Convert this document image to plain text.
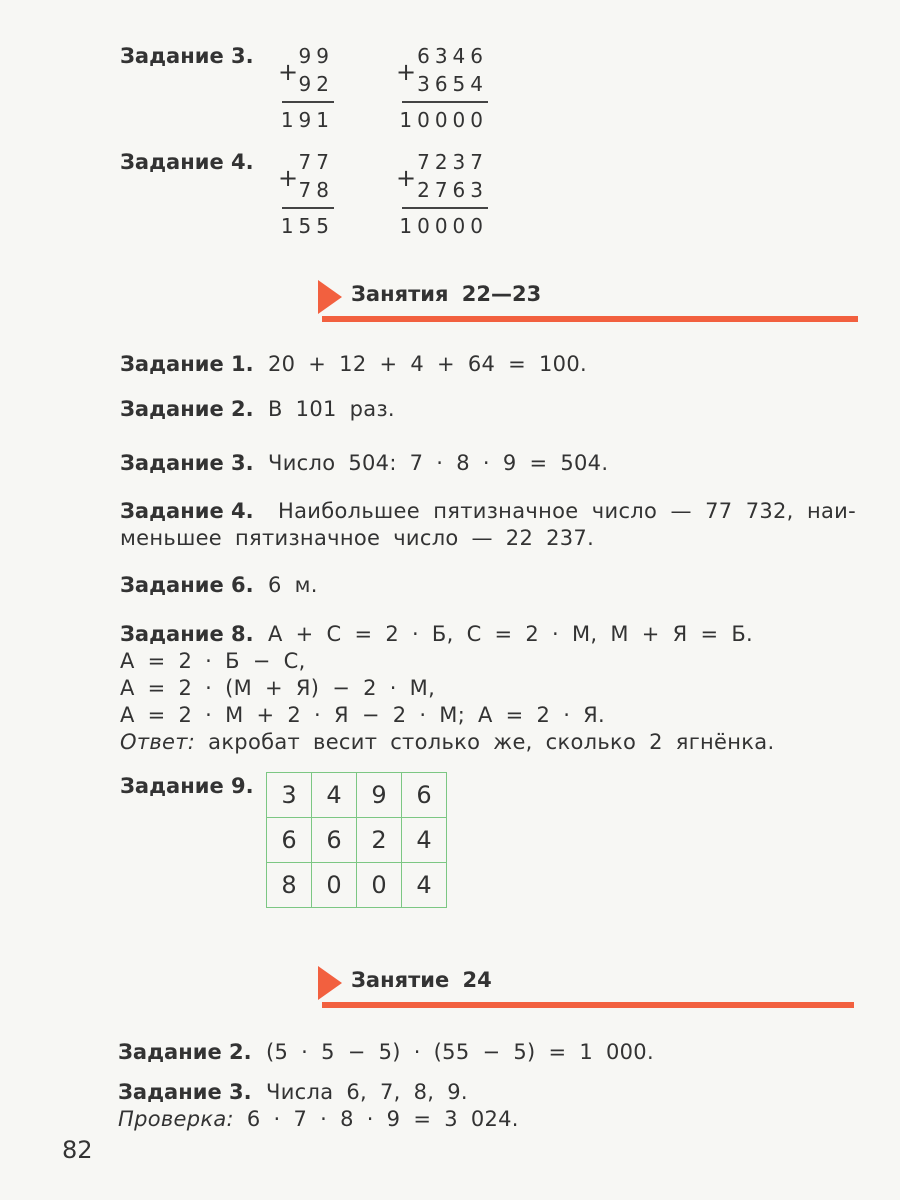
Задание 3.
+
99
92
191
+
6346
3654
10000
Задание 4.
+
77
78
155
+
7237
2763
10000
Занятия 22—23
Задание 1. 20 + 12 + 4 + 64 = 100.
Задание 2. В 101 раз.
Задание 3. Число 504: 7 · 8 · 9 = 504.
Задание 4. Наибольшее пятизначное число — 77 732, наи-
меньшее пятизначное число — 22 237.
Задание 6. 6 м.
Задание 8. А + С = 2 · Б, С = 2 · М, М + Я = Б.
А = 2 · Б − С,
А = 2 · (М + Я) − 2 · М,
А = 2 · М + 2 · Я − 2 · М; А = 2 · Я.
Ответ: акробат весит столько же, сколько 2 ягнёнка.
Задание 9. 3	4	9	6
6	6	2	4
8	0	0	4
Занятие 24
Задание 2. (5 · 5 − 5) · (55 − 5) = 1 000.
Задание 3. Числа 6, 7, 8, 9.
Проверка: 6 · 7 · 8 · 9 = 3 024.
82
